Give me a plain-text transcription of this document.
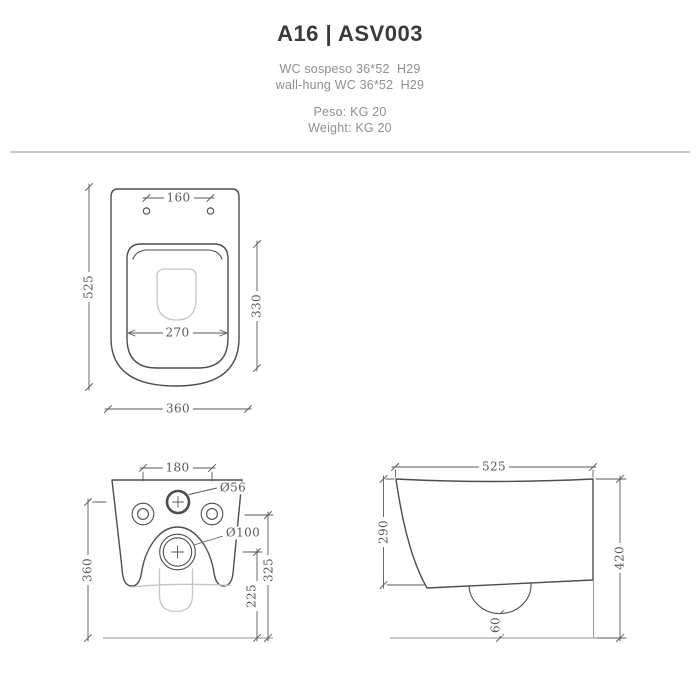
A16 | ASV003
WC sospeso 36*52  H29
wall-hung WC 36*52  H29
Peso: KG 20
Weight: KG 20
160
525
330
270
360
180
Ø56
Ø100
360	325
225
525
290
420
60
